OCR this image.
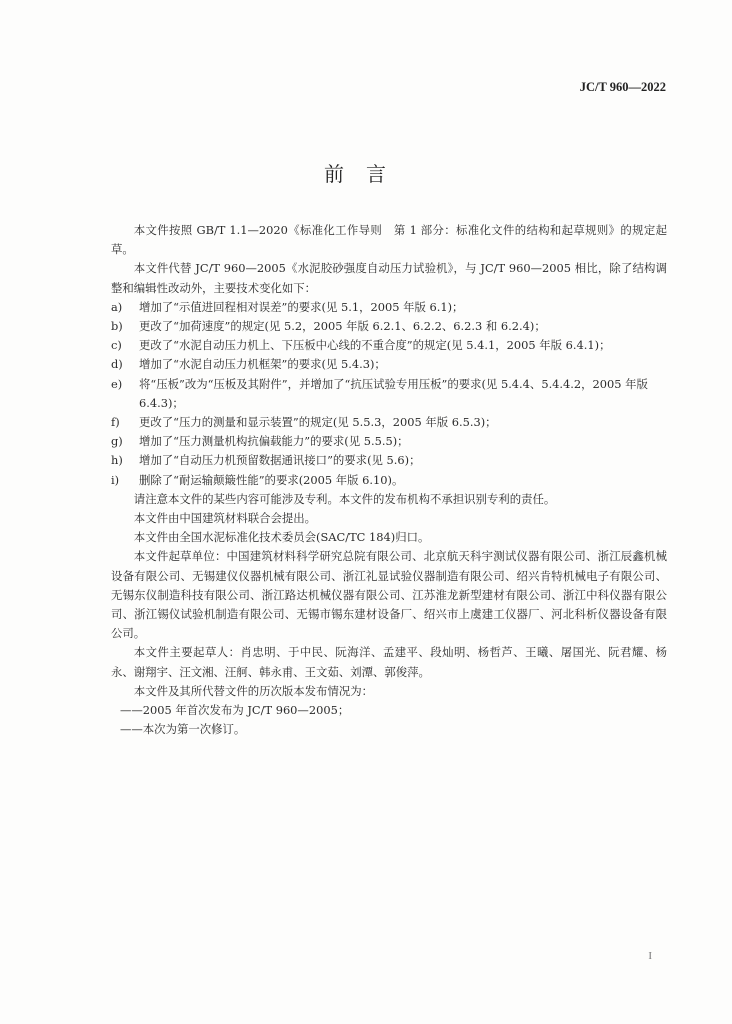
JC/T 960—2022
前言

本文件按照 GB/T 1.1—2020《标准化工作导则　第 1 部分：标准化文件的结构和起草规则》的规定起草。

本文件代替 JC/T 960—2005《水泥胶砂强度自动压力试验机》，与 JC/T 960—2005 相比，除了结构调整和编辑性改动外，主要技术变化如下：

a) 增加了“示值进回程相对误差”的要求(见 5.1，2005 年版 6.1)；

b) 更改了“加荷速度”的规定(见 5.2，2005 年版 6.2.1、6.2.2、6.2.3 和 6.2.4)；

c) 更改了“水泥自动压力机上、下压板中心线的不重合度”的规定(见 5.4.1，2005 年版 6.4.1)；

d) 增加了“水泥自动压力机框架”的要求(见 5.4.3)；

e) 将“压板”改为“压板及其附件”，并增加了“抗压试验专用压板”的要求(见 5.4.4、5.4.4.2，2005 年版 6.4.3)；

f) 更改了“压力的测量和显示装置”的规定(见 5.5.3，2005 年版 6.5.3)；

g) 增加了“压力测量机构抗偏载能力”的要求(见 5.5.5)；

h) 增加了“自动压力机预留数据通讯接口”的要求(见 5.6)；

i) 删除了“耐运输颠簸性能”的要求(2005 年版 6.10)。

请注意本文件的某些内容可能涉及专利。本文件的发布机构不承担识别专利的责任。

本文件由中国建筑材料联合会提出。

本文件由全国水泥标准化技术委员会(SAC/TC 184)归口。

本文件起草单位：中国建筑材料科学研究总院有限公司、北京航天科宇测试仪器有限公司、浙江辰鑫机械设备有限公司、无锡建仪仪器机械有限公司、浙江礼显试验仪器制造有限公司、绍兴肯特机械电子有限公司、无锡东仪制造科技有限公司、浙江路达机械仪器有限公司、江苏淮龙新型建材有限公司、浙江中科仪器有限公司、浙江锡仪试验机制造有限公司、无锡市锡东建材设备厂、绍兴市上虞建工仪器厂、河北科析仪器设备有限公司。

本文件主要起草人：肖忠明、于中民、阮海洋、孟建平、段灿明、杨哲芦、王曦、屠国光、阮君耀、杨永、谢翔宇、汪文湘、汪舸、韩永甫、王文茹、刘潭、郭俊萍。

本文件及其所代替文件的历次版本发布情况为：

——2005 年首次发布为 JC/T 960—2005；

——本次为第一次修订。

I
